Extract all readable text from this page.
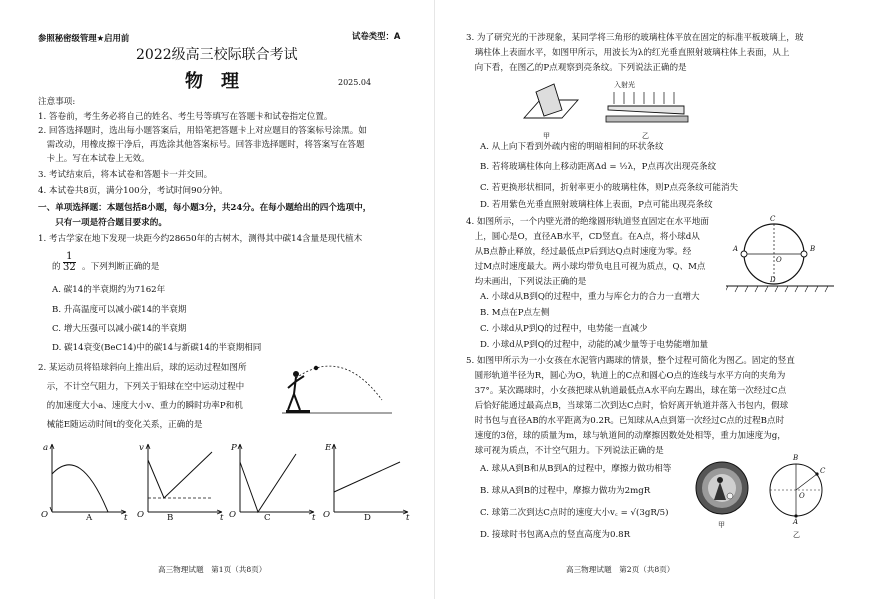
参照秘密级管理★启用前	试卷类型：A
2022级高三校际联合考试
物　理	2025.04
注意事项:
1. 答卷前，考生务必将自己的姓名、考生号等填写在答题卡和试卷指定位置。
2. 回答选择题时，选出每小题答案后，用铅笔把答题卡上对应题目的答案标号涂黑。如
　需改动，用橡皮擦干净后，再选涂其他答案标号。回答非选择题时，将答案写在答题
　卡上。写在本试卷上无效。
3. 考试结束后，将本试卷和答题卡一并交回。
4. 本试卷共8页，满分100分，考试时间90分钟。
一、单项选择题：本题包括8小题，每小题3分，共24分。在每小题给出的四个选项中，
　　只有一项是符合题目要求的。
1. 考古学家在地下发现一块距今约28650年的古树木，测得其中碳14含量是现代植木
的 $\frac{1}{32}$ 。下列判断正确的是
A. 碳14的半衰期约为7162年
B. 升高温度可以减小碳14的半衰期
C. 增大压强可以减小碳14的半衰期
D. 碳14衰变(BeC14)中的碳14与新碳14的半衰期相同
2. 某运动员将铅球斜向上推出后，球的运动过程如图所
　示，不计空气阻力，下列关于铅球在空中运动过程中
　的加速度大小a、速度大小v、重力的瞬时功率P和机
　械能E随运动时间t的变化关系，正确的是
a
t
O	A
v
t
O	B
P
t
O	C
E
t
O	D
高三物理试题　第1页（共8页）
3. 为了研究光的干涉现象，某同学将三角形的玻璃柱体平放在固定的标准平板玻璃上，玻
　璃柱体上表面水平，如图甲所示，用波长为λ的红光垂直照射玻璃柱体上表面，从上
　向下看，在图乙的P点观察到亮条纹。下列说法正确的是
甲
入射光
乙
A. 从上向下看到外疏内密的明暗相间的环状条纹
B. 若将玻璃柱体向上移动距离Δd = ½λ，P点再次出现亮条纹
C. 若更换形状相同，折射率更小的玻璃柱体，则P点亮条纹可能消失
D. 若用紫色光垂直照射玻璃柱体上表面，P点可能出现亮条纹
4. 如图所示，一个内壁光滑的绝缘圆形轨道竖直固定在水平地面
　上，圆心是O，直径AB水平，CD竖直。在A点，将小球d从
　从B点静止释放，经过最低点P后到达Q点时速度为零。经
　过M点时速度最大。两小球均带负电且可视为质点，Q、M点
　均未画出，下列说法正确的是
C
O
A	B
D
A. 小球d从B到Q的过程中，重力与库仑力的合力一直增大
B. M点在P点左侧
C. 小球d从P到Q的过程中，电势能一直减少
D. 小球d从P到Q的过程中，动能的减少量等于电势能增加量
5. 如图甲所示为一小女孩在水泥管内踢球的情景，整个过程可简化为图乙。固定的竖直
　圆形轨道半径为R，圆心为O，轨道上的C点和圆心O点的连线与水平方向的夹角为
　37°。某次踢球时，小女孩把球从轨道最低点A水平向左踢出，球在第一次经过C点
　后恰好能通过最高点B，当球第二次到达C点时，恰好离开轨道并落入书包内，假球
　时书包与直径AB的水平距离为0.2R。已知球从A点到第一次经过C点的过程B点时
　速度的3倍，球的质量为m，球与轨道间的动摩擦因数处处相等，重力加速度为g，
　球可视为质点，不计空气阻力。下列说法正确的是
A. 球从A到B和从B到A的过程中，摩擦力做功相等
B. 球从A到B的过程中，摩擦力做功为2mgR
C. 球第二次到达C点时的速度大小v꜀ = √(3gR/5)
D. 接球时书包离A点的竖直高度为0.8R
甲
B
C
O
A
乙
高三物理试题　第2页（共8页）
